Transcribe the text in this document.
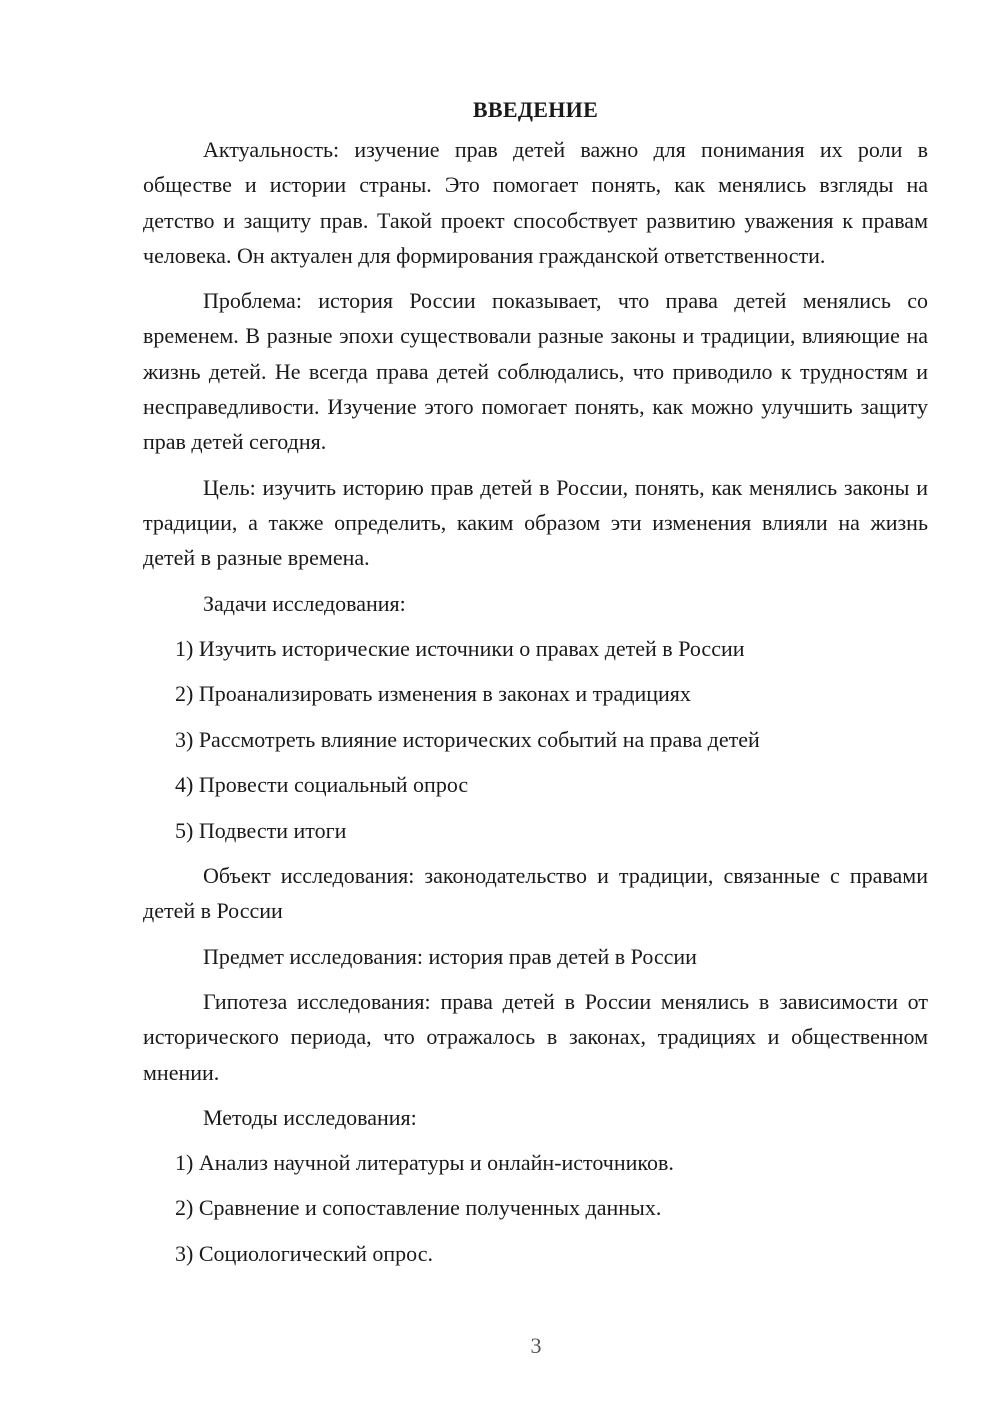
ВВЕДЕНИЕ

Актуальность: изучение прав детей важно для понимания их роли в обществе и истории страны. Это помогает понять, как менялись взгляды на детство и защиту прав. Такой проект способствует развитию уважения к правам человека. Он актуален для формирования гражданской ответственности.

Проблема: история России показывает, что права детей менялись со временем. В разные эпохи существовали разные законы и традиции, влияющие на жизнь детей. Не всегда права детей соблюдались, что приводило к трудностям и несправедливости. Изучение этого помогает понять, как можно улучшить защиту прав детей сегодня.

Цель: изучить историю прав детей в России, понять, как менялись законы и традиции, а также определить, каким образом эти изменения влияли на жизнь детей в разные времена.

Задачи исследования:

1) Изучить исторические источники о правах детей в России
2) Проанализировать изменения в законах и традициях
3) Рассмотреть влияние исторических событий на права детей
4) Провести социальный опрос
5) Подвести итоги

Объект исследования: законодательство и традиции, связанные с правами детей в России

Предмет исследования: история прав детей в России

Гипотеза исследования: права детей в России менялись в зависимости от исторического периода, что отражалось в законах, традициях и общественном мнении.

Методы исследования:

1) Анализ научной литературы и онлайн-источников.
2) Сравнение и сопоставление полученных данных.
3) Социологический опрос.
3
